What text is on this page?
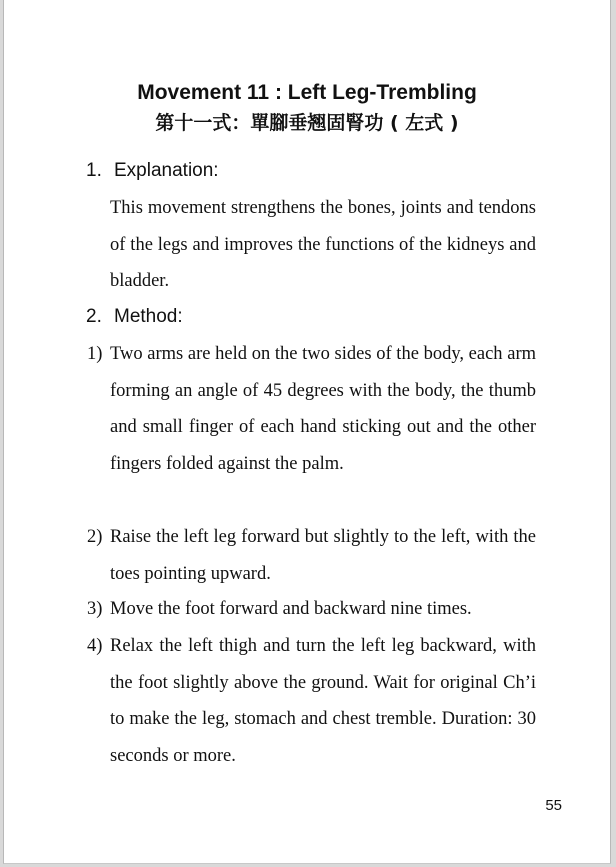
Movement 11 : Left Leg-Trembling
第十一式：單腳垂翘固腎功 ( 左式 )
1. Explanation:
This movement strengthens the bones, joints and tendons of the legs and improves the functions of the kidneys and bladder.
2. Method:
1) Two arms are held on the two sides of the body, each arm forming an angle of 45 degrees with the body, the thumb and small finger of each hand sticking out and the other fingers folded against the palm.
2) Raise the left leg forward but slightly to the left, with the toes pointing upward.
3) Move the foot forward and backward nine times.
4) Relax the left thigh and turn the left leg backward, with the foot slightly above the ground. Wait for original Ch’i to make the leg, stomach and chest tremble. Duration: 30 seconds or more.
55
